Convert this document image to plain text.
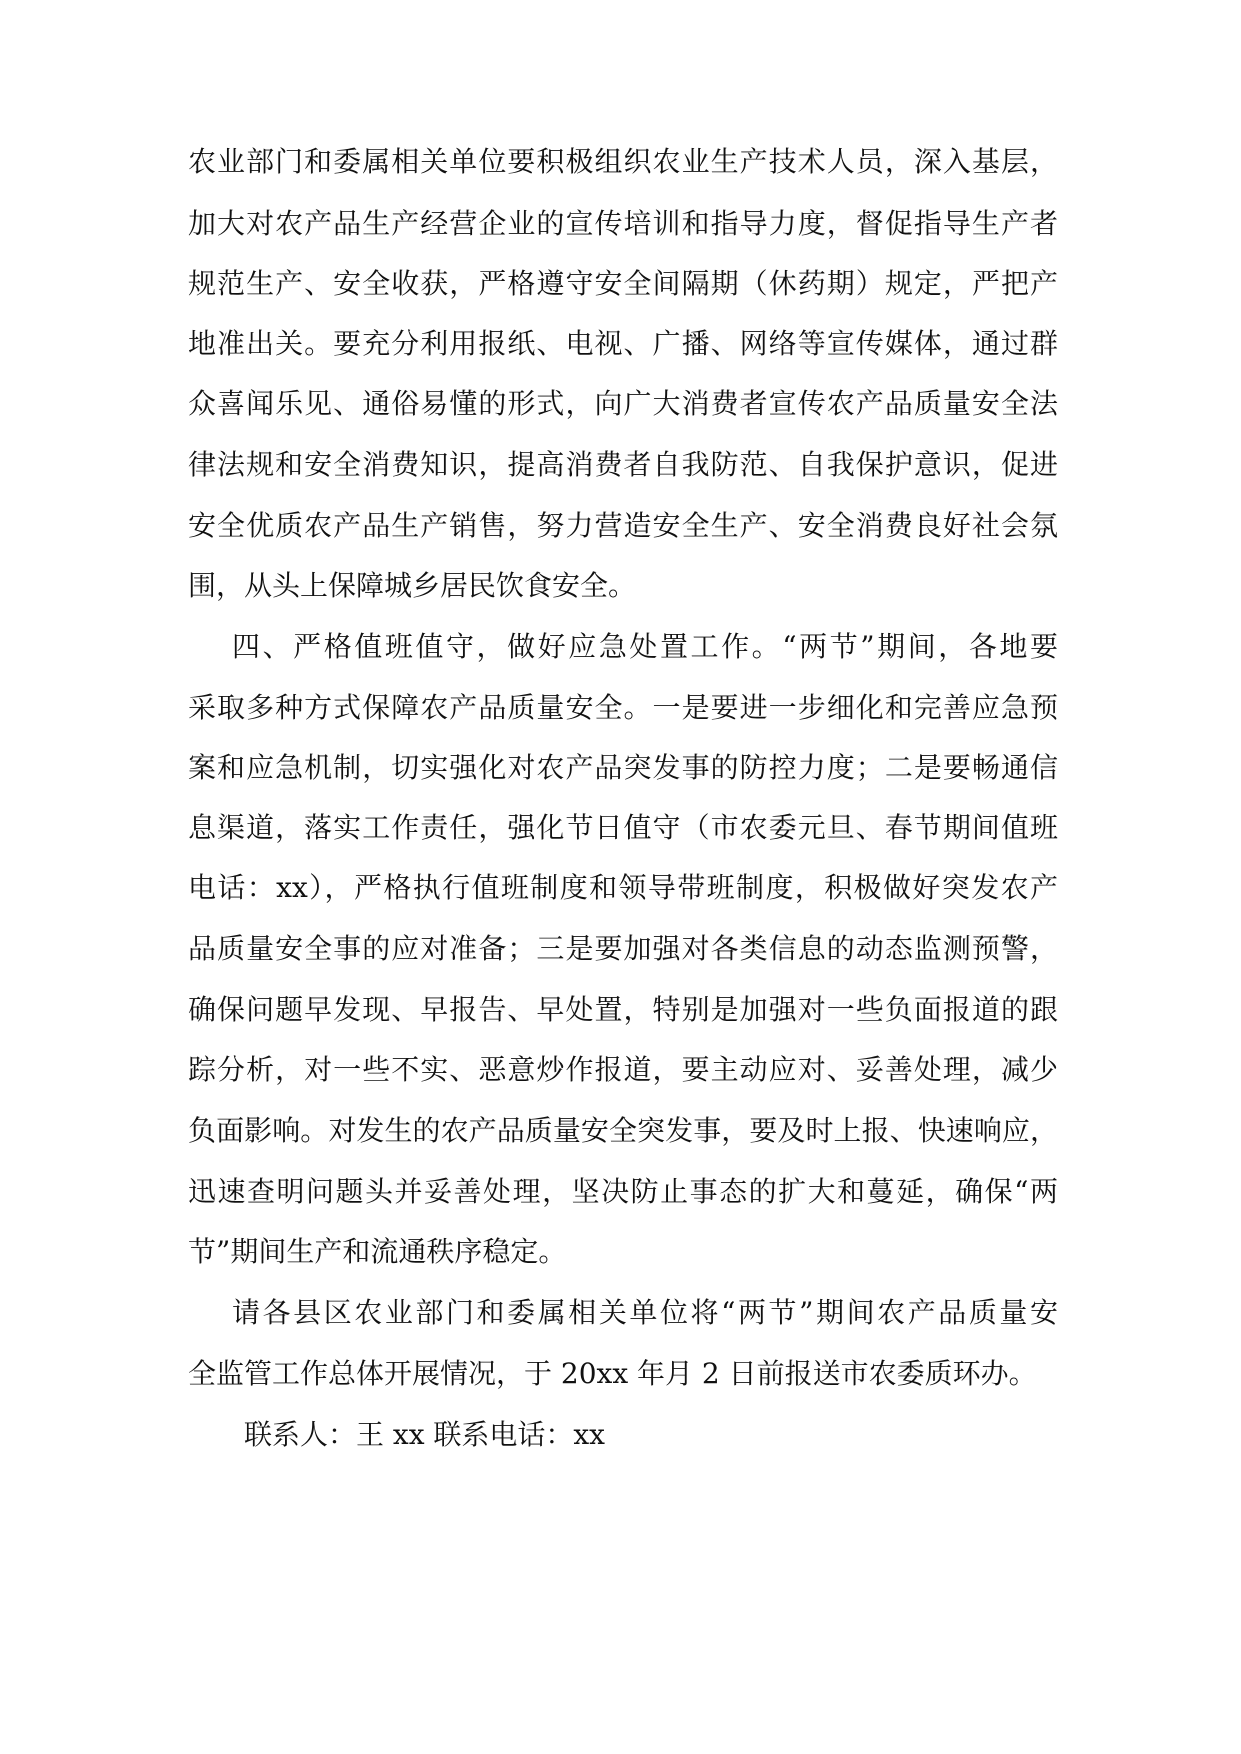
农业部门和委属相关单位要积极组织农业生产技术人员，深入基层，
加大对农产品生产经营企业的宣传培训和指导力度，督促指导生产者
规范生产、安全收获，严格遵守安全间隔期（休药期）规定，严把产
地准出关。要充分利用报纸、电视、广播、网络等宣传媒体，通过群
众喜闻乐见、通俗易懂的形式，向广大消费者宣传农产品质量安全法
律法规和安全消费知识，提高消费者自我防范、自我保护意识，促进
安全优质农产品生产销售，努力营造安全生产、安全消费良好社会氛
围，从头上保障城乡居民饮食安全。
四、严格值班值守，做好应急处置工作。“两节”期间，各地要
采取多种方式保障农产品质量安全。一是要进一步细化和完善应急预
案和应急机制，切实强化对农产品突发事的防控力度；二是要畅通信
息渠道，落实工作责任，强化节日值守（市农委元旦、春节期间值班
电话：xx），严格执行值班制度和领导带班制度，积极做好突发农产
品质量安全事的应对准备；三是要加强对各类信息的动态监测预警，
确保问题早发现、早报告、早处置，特别是加强对一些负面报道的跟
踪分析，对一些不实、恶意炒作报道，要主动应对、妥善处理，减少
负面影响。对发生的农产品质量安全突发事，要及时上报、快速响应，
迅速查明问题头并妥善处理，坚决防止事态的扩大和蔓延，确保“两
节”期间生产和流通秩序稳定。
请各县区农业部门和委属相关单位将“两节”期间农产品质量安
全监管工作总体开展情况，于 20xx 年月 2 日前报送市农委质环办。
联系人：王 xx 联系电话：xx
